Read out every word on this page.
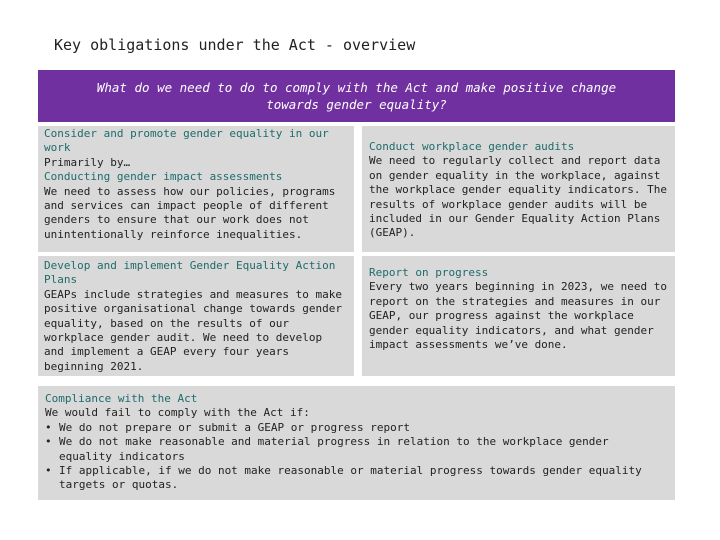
Key obligations under the Act - overview
What do we need to do to comply with the Act and make positive change towards gender equality?
Consider and promote gender equality in our work
Primarily by…
Conducting gender impact assessments
We need to assess how our policies, programs and services can impact people of different genders to ensure that our work does not unintentionally reinforce inequalities.
Conduct workplace gender audits
We need to regularly collect and report data on gender equality in the workplace, against the workplace gender equality indicators. The results of workplace gender audits will be included in our Gender Equality Action Plans (GEAP).
Develop and implement Gender Equality Action Plans
GEAPs include strategies and measures to make positive organisational change towards gender equality, based on the results of our workplace gender audit. We need to develop and implement a GEAP every four years beginning 2021.
Report on progress
Every two years beginning in 2023, we need to report on the strategies and measures in our GEAP, our progress against the workplace gender equality indicators, and what gender impact assessments we’ve done.
Compliance with the Act
We would fail to comply with the Act if:
• We do not prepare or submit a GEAP or progress report
• We do not make reasonable and material progress in relation to the workplace gender equality indicators
• If applicable, if we do not make reasonable or material progress towards gender equality targets or quotas.
